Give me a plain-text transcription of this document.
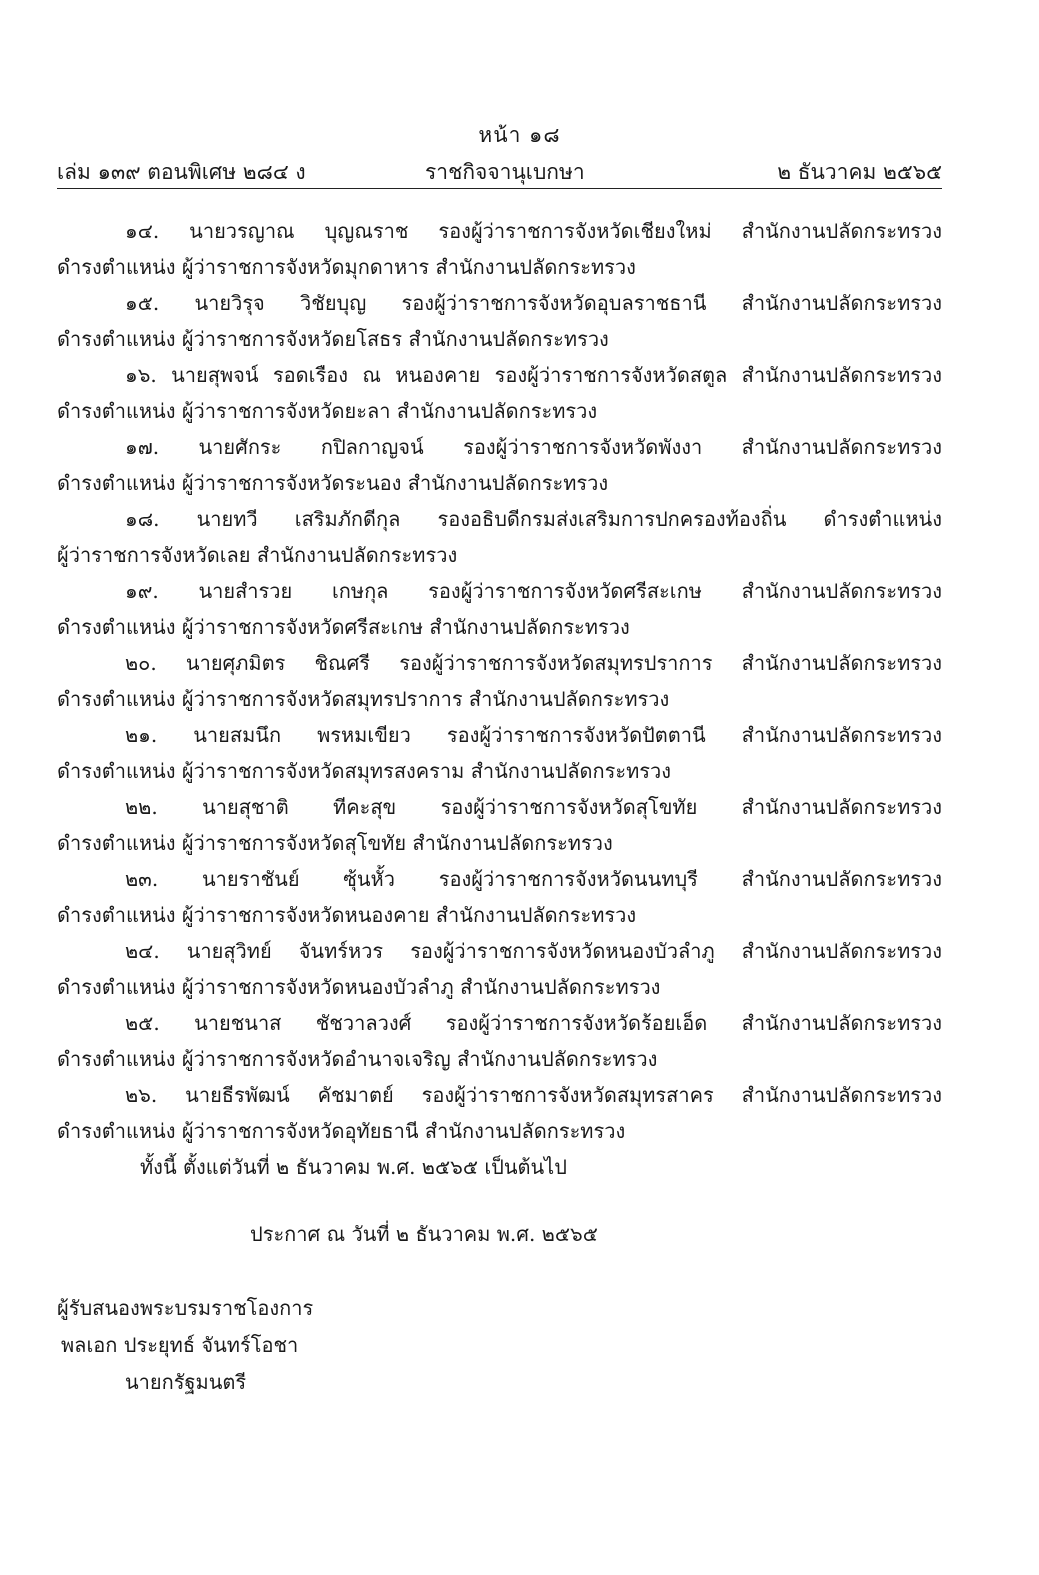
หน้า ๑๘
เล่ม ๑๓๙ ตอนพิเศษ ๒๘๔ ง	ราชกิจจานุเบกษา	๒ ธันวาคม ๒๕๖๕
๑๔. นายวรญาณ บุญณราช รองผู้ว่าราชการจังหวัดเชียงใหม่ สำนักงานปลัดกระทรวง
ดำรงตำแหน่ง ผู้ว่าราชการจังหวัดมุกดาหาร สำนักงานปลัดกระทรวง
๑๕. นายวิรุจ วิชัยบุญ รองผู้ว่าราชการจังหวัดอุบลราชธานี สำนักงานปลัดกระทรวง
ดำรงตำแหน่ง ผู้ว่าราชการจังหวัดยโสธร สำนักงานปลัดกระทรวง
๑๖. นายสุพจน์ รอดเรือง ณ หนองคาย รองผู้ว่าราชการจังหวัดสตูล สำนักงานปลัดกระทรวง
ดำรงตำแหน่ง ผู้ว่าราชการจังหวัดยะลา สำนักงานปลัดกระทรวง
๑๗. นายศักระ กปิลกาญจน์ รองผู้ว่าราชการจังหวัดพังงา สำนักงานปลัดกระทรวง
ดำรงตำแหน่ง ผู้ว่าราชการจังหวัดระนอง สำนักงานปลัดกระทรวง
๑๘. นายทวี เสริมภักดีกุล รองอธิบดีกรมส่งเสริมการปกครองท้องถิ่น ดำรงตำแหน่ง
ผู้ว่าราชการจังหวัดเลย สำนักงานปลัดกระทรวง
๑๙. นายสำรวย เกษกุล รองผู้ว่าราชการจังหวัดศรีสะเกษ สำนักงานปลัดกระทรวง
ดำรงตำแหน่ง ผู้ว่าราชการจังหวัดศรีสะเกษ สำนักงานปลัดกระทรวง
๒๐. นายศุภมิตร ชิณศรี รองผู้ว่าราชการจังหวัดสมุทรปราการ สำนักงานปลัดกระทรวง
ดำรงตำแหน่ง ผู้ว่าราชการจังหวัดสมุทรปราการ สำนักงานปลัดกระทรวง
๒๑. นายสมนึก พรหมเขียว รองผู้ว่าราชการจังหวัดปัตตานี สำนักงานปลัดกระทรวง
ดำรงตำแหน่ง ผู้ว่าราชการจังหวัดสมุทรสงคราม สำนักงานปลัดกระทรวง
๒๒. นายสุชาติ ทีคะสุข รองผู้ว่าราชการจังหวัดสุโขทัย สำนักงานปลัดกระทรวง
ดำรงตำแหน่ง ผู้ว่าราชการจังหวัดสุโขทัย สำนักงานปลัดกระทรวง
๒๓. นายราชันย์ ซุ้นหั้ว รองผู้ว่าราชการจังหวัดนนทบุรี สำนักงานปลัดกระทรวง
ดำรงตำแหน่ง ผู้ว่าราชการจังหวัดหนองคาย สำนักงานปลัดกระทรวง
๒๔. นายสุวิทย์ จันทร์หวร รองผู้ว่าราชการจังหวัดหนองบัวลำภู สำนักงานปลัดกระทรวง
ดำรงตำแหน่ง ผู้ว่าราชการจังหวัดหนองบัวลำภู สำนักงานปลัดกระทรวง
๒๕. นายชนาส ชัชวาลวงศ์ รองผู้ว่าราชการจังหวัดร้อยเอ็ด สำนักงานปลัดกระทรวง
ดำรงตำแหน่ง ผู้ว่าราชการจังหวัดอำนาจเจริญ สำนักงานปลัดกระทรวง
๒๖. นายธีรพัฒน์ คัชมาตย์ รองผู้ว่าราชการจังหวัดสมุทรสาคร สำนักงานปลัดกระทรวง
ดำรงตำแหน่ง ผู้ว่าราชการจังหวัดอุทัยธานี สำนักงานปลัดกระทรวง
ทั้งนี้ ตั้งแต่วันที่ ๒ ธันวาคม พ.ศ. ๒๕๖๕ เป็นต้นไป
ประกาศ ณ วันที่ ๒ ธันวาคม พ.ศ. ๒๕๖๕
ผู้รับสนองพระบรมราชโองการ
พลเอก ประยุทธ์ จันทร์โอชา
นายกรัฐมนตรี
